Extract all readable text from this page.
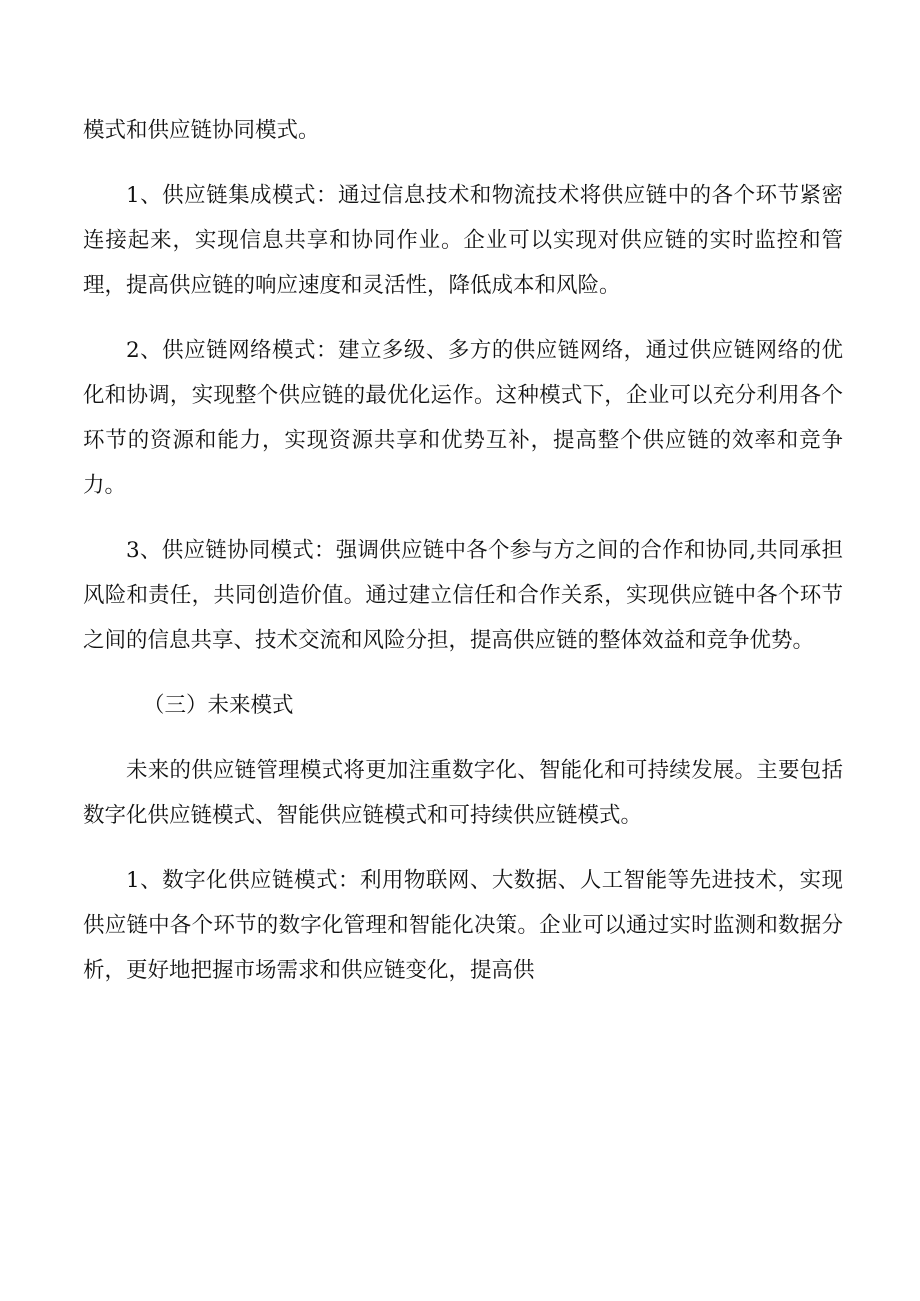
模式和供应链协同模式。

1、供应链集成模式：通过信息技术和物流技术将供应链中的各个环节紧密连接起来，实现信息共享和协同作业。企业可以实现对供应链的实时监控和管理，提高供应链的响应速度和灵活性，降低成本和风险。

2、供应链网络模式：建立多级、多方的供应链网络，通过供应链网络的优化和协调，实现整个供应链的最优化运作。这种模式下，企业可以充分利用各个环节的资源和能力，实现资源共享和优势互补，提高整个供应链的效率和竞争力。

3、供应链协同模式：强调供应链中各个参与方之间的合作和协同,共同承担风险和责任，共同创造价值。通过建立信任和合作关系，实现供应链中各个环节之间的信息共享、技术交流和风险分担，提高供应链的整体效益和竞争优势。

（三）未来模式

未来的供应链管理模式将更加注重数字化、智能化和可持续发展。主要包括数字化供应链模式、智能供应链模式和可持续供应链模式。

1、数字化供应链模式：利用物联网、大数据、人工智能等先进技术，实现供应链中各个环节的数字化管理和智能化决策。企业可以通过实时监测和数据分析，更好地把握市场需求和供应链变化，提高供
